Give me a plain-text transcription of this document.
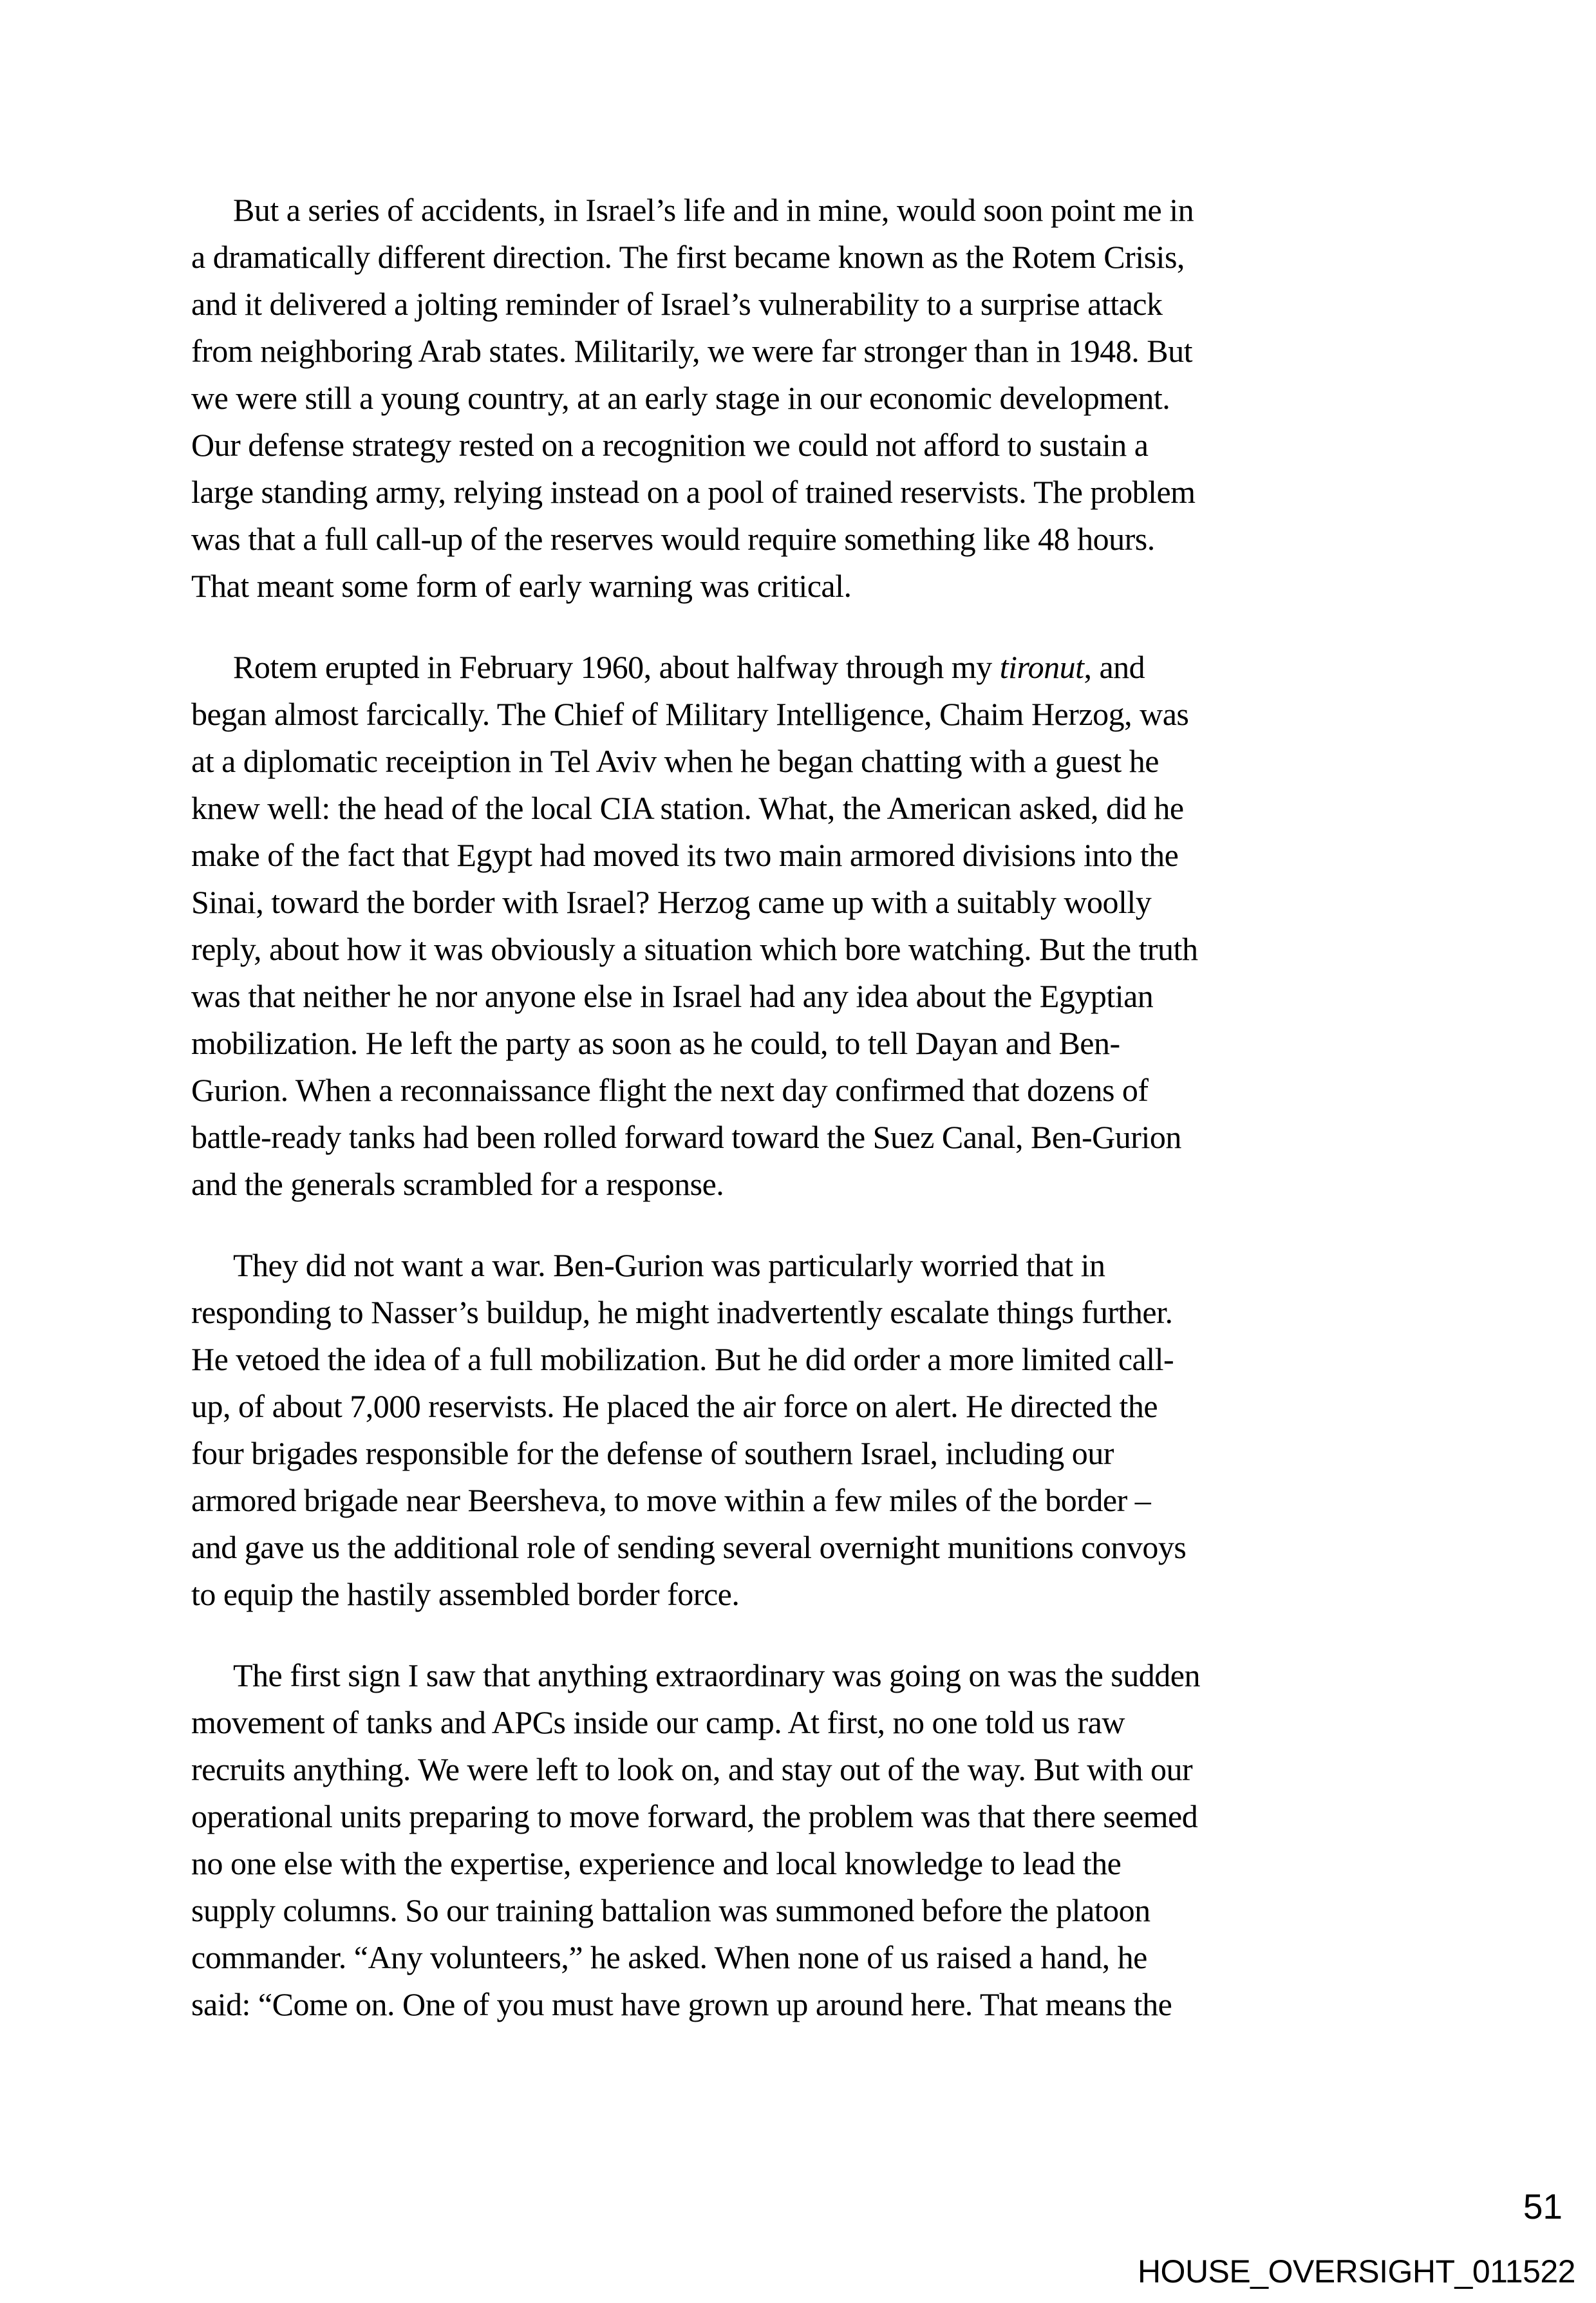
But a series of accidents, in Israel’s life and in mine, would soon point me in
a dramatically different direction. The first became known as the Rotem Crisis,
and it delivered a jolting reminder of Israel’s vulnerability to a surprise attack
from neighboring Arab states. Militarily, we were far stronger than in 1948. But
we were still a young country, at an early stage in our economic development.
Our defense strategy rested on a recognition we could not afford to sustain a
large standing army, relying instead on a pool of trained reservists. The problem
was that a full call-up of the reserves would require something like 48 hours.
That meant some form of early warning was critical.
Rotem erupted in February 1960, about halfway through my tironut, and
began almost farcically. The Chief of Military Intelligence, Chaim Herzog, was
at a diplomatic receiption in Tel Aviv when he began chatting with a guest he
knew well: the head of the local CIA station. What, the American asked, did he
make of the fact that Egypt had moved its two main armored divisions into the
Sinai, toward the border with Israel? Herzog came up with a suitably woolly
reply, about how it was obviously a situation which bore watching. But the truth
was that neither he nor anyone else in Israel had any idea about the Egyptian
mobilization. He left the party as soon as he could, to tell Dayan and Ben-
Gurion. When a reconnaissance flight the next day confirmed that dozens of
battle-ready tanks had been rolled forward toward the Suez Canal, Ben-Gurion
and the generals scrambled for a response.
They did not want a war. Ben-Gurion was particularly worried that in
responding to Nasser’s buildup, he might inadvertently escalate things further.
He vetoed the idea of a full mobilization. But he did order a more limited call-
up, of about 7,000 reservists. He placed the air force on alert. He directed the
four brigades responsible for the defense of southern Israel, including our
armored brigade near Beersheva, to move within a few miles of the border –
and gave us the additional role of sending several overnight munitions convoys
to equip the hastily assembled border force.
The first sign I saw that anything extraordinary was going on was the sudden
movement of tanks and APCs inside our camp. At first, no one told us raw
recruits anything. We were left to look on, and stay out of the way. But with our
operational units preparing to move forward, the problem was that there seemed
no one else with the expertise, experience and local knowledge to lead the
supply columns. So our training battalion was summoned before the platoon
commander. “Any volunteers,” he asked. When none of us raised a hand, he
said: “Come on. One of you must have grown up around here. That means the
51
HOUSE_OVERSIGHT_011522
